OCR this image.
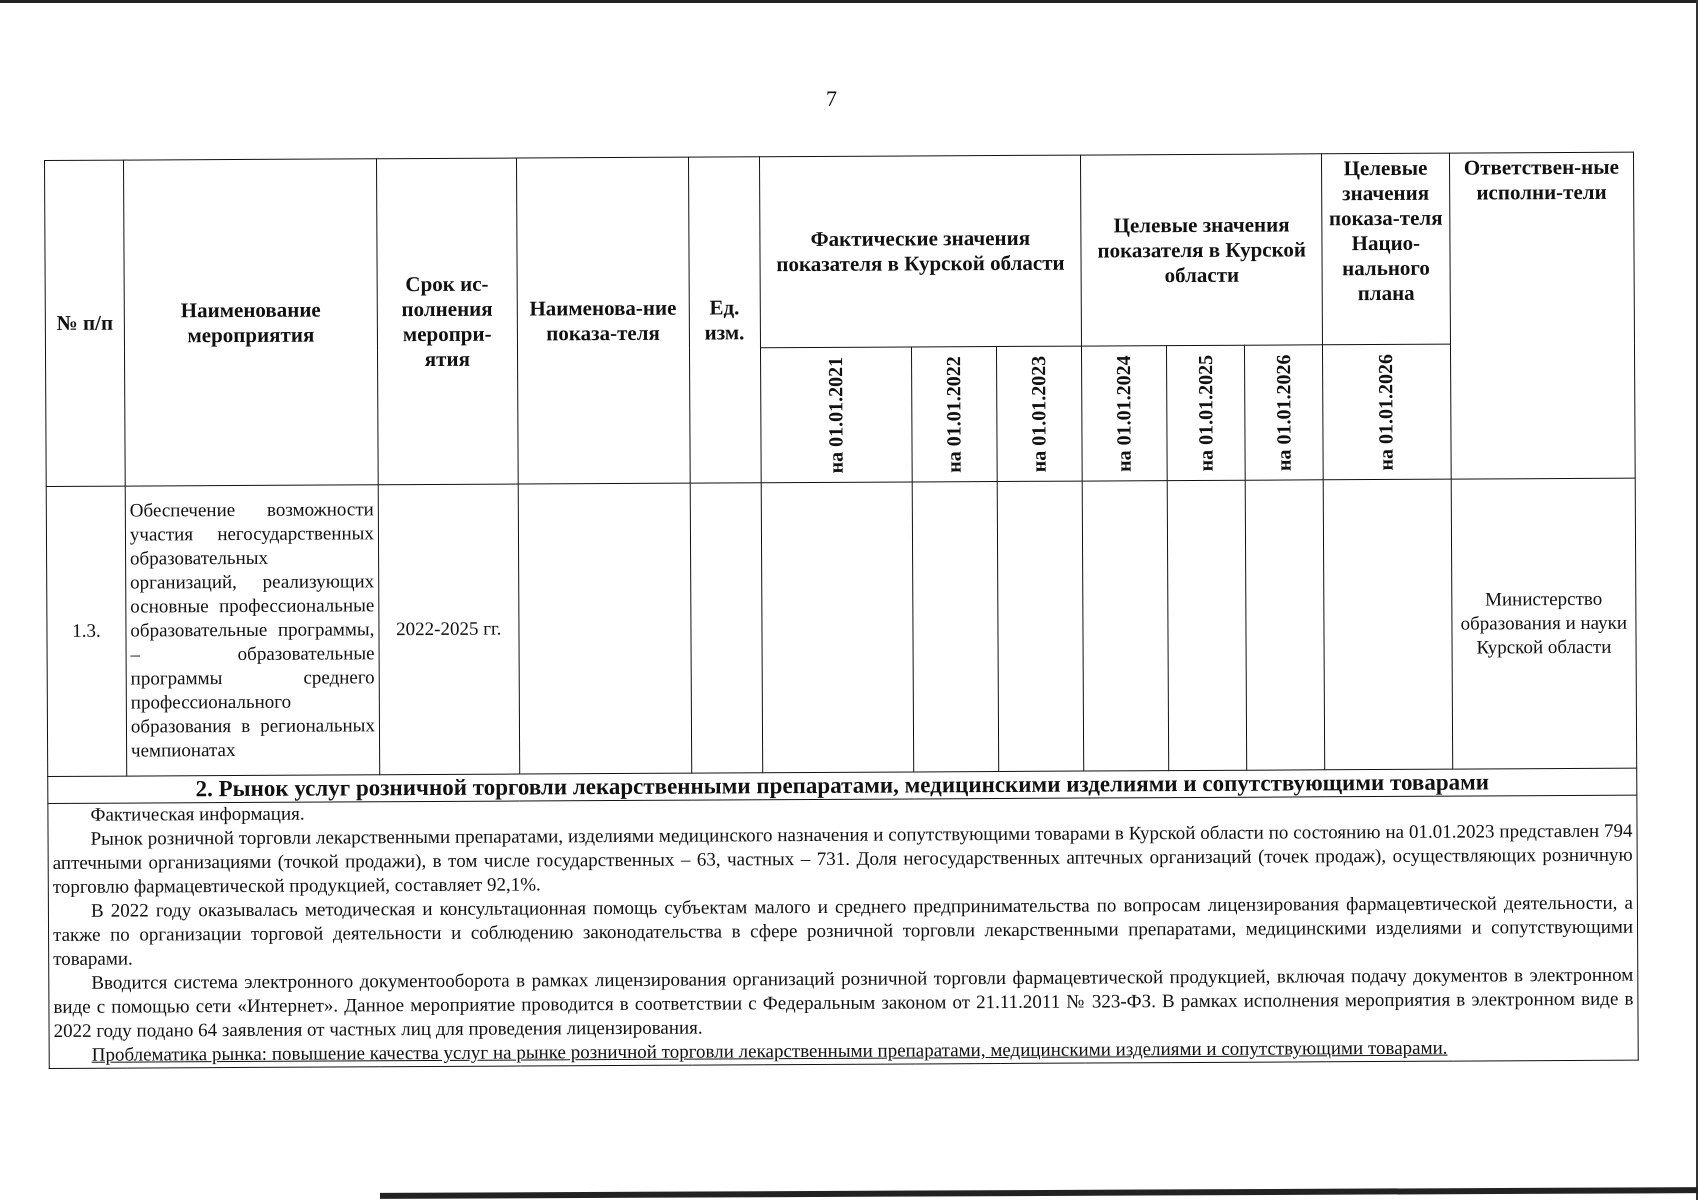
7
№ п/п	Наименование мероприятия	Срок ис-полнения меропри-ятия	Наименова-ние показа-теля	Ед. изм.	Фактические значения показателя в Курской области			Целевые значения показателя в Курской области			Целевые значения показа-теля Нацио-нального плана	Ответствен-ные исполни-тели

					на 01.01.2021	на 01.01.2022	на 01.01.2023	на 01.01.2024	на 01.01.2025	на 01.01.2026	на 01.01.2026	

1.3.	Обеспечение возможности участия негосударственных образовательных организаций, реализующих основные профессиональные образовательные программы, – образовательные программы среднего профессионального образования в региональных чемпионатах	2022-2025 гг.										Министерство образования и науки Курской области
2. Рынок услуг розничной торговли лекарственными препаратами, медицинскими изделиями и сопутствующими товарами												

Фактическая информация.

Рынок розничной торговли лекарственными препаратами, изделиями медицинского назначения и сопутствующими товарами в Курской области по состоянию на 01.01.2023 представлен 794 аптечными организациями (точкой продажи), в том числе государственных – 63, частных – 731. Доля негосударственных аптечных организаций (точек продаж), осуществляющих розничную торговлю фармацевтической продукцией, составляет 92,1%.

В 2022 году оказывалась методическая и консультационная помощь субъектам малого и среднего предпринимательства по вопросам лицензирования фармацевтической деятельности, а также по организации торговой деятельности и соблюдению законодательства в сфере розничной торговли лекарственными препаратами, медицинскими изделиями и сопутствующими товарами.

Вводится система электронного документооборота в рамках лицензирования организаций розничной торговли фармацевтической продукцией, включая подачу документов в электронном виде с помощью сети «Интернет». Данное мероприятие проводится в соответствии с Федеральным законом от 21.11.2011 № 323-ФЗ. В рамках исполнения мероприятия в электронном виде в 2022 году подано 64 заявления от частных лиц для проведения лицензирования.

Проблематика рынка: повышение качества услуг на рынке розничной торговли лекарственными препаратами, медицинскими изделиями и сопутствующими товарами.												
